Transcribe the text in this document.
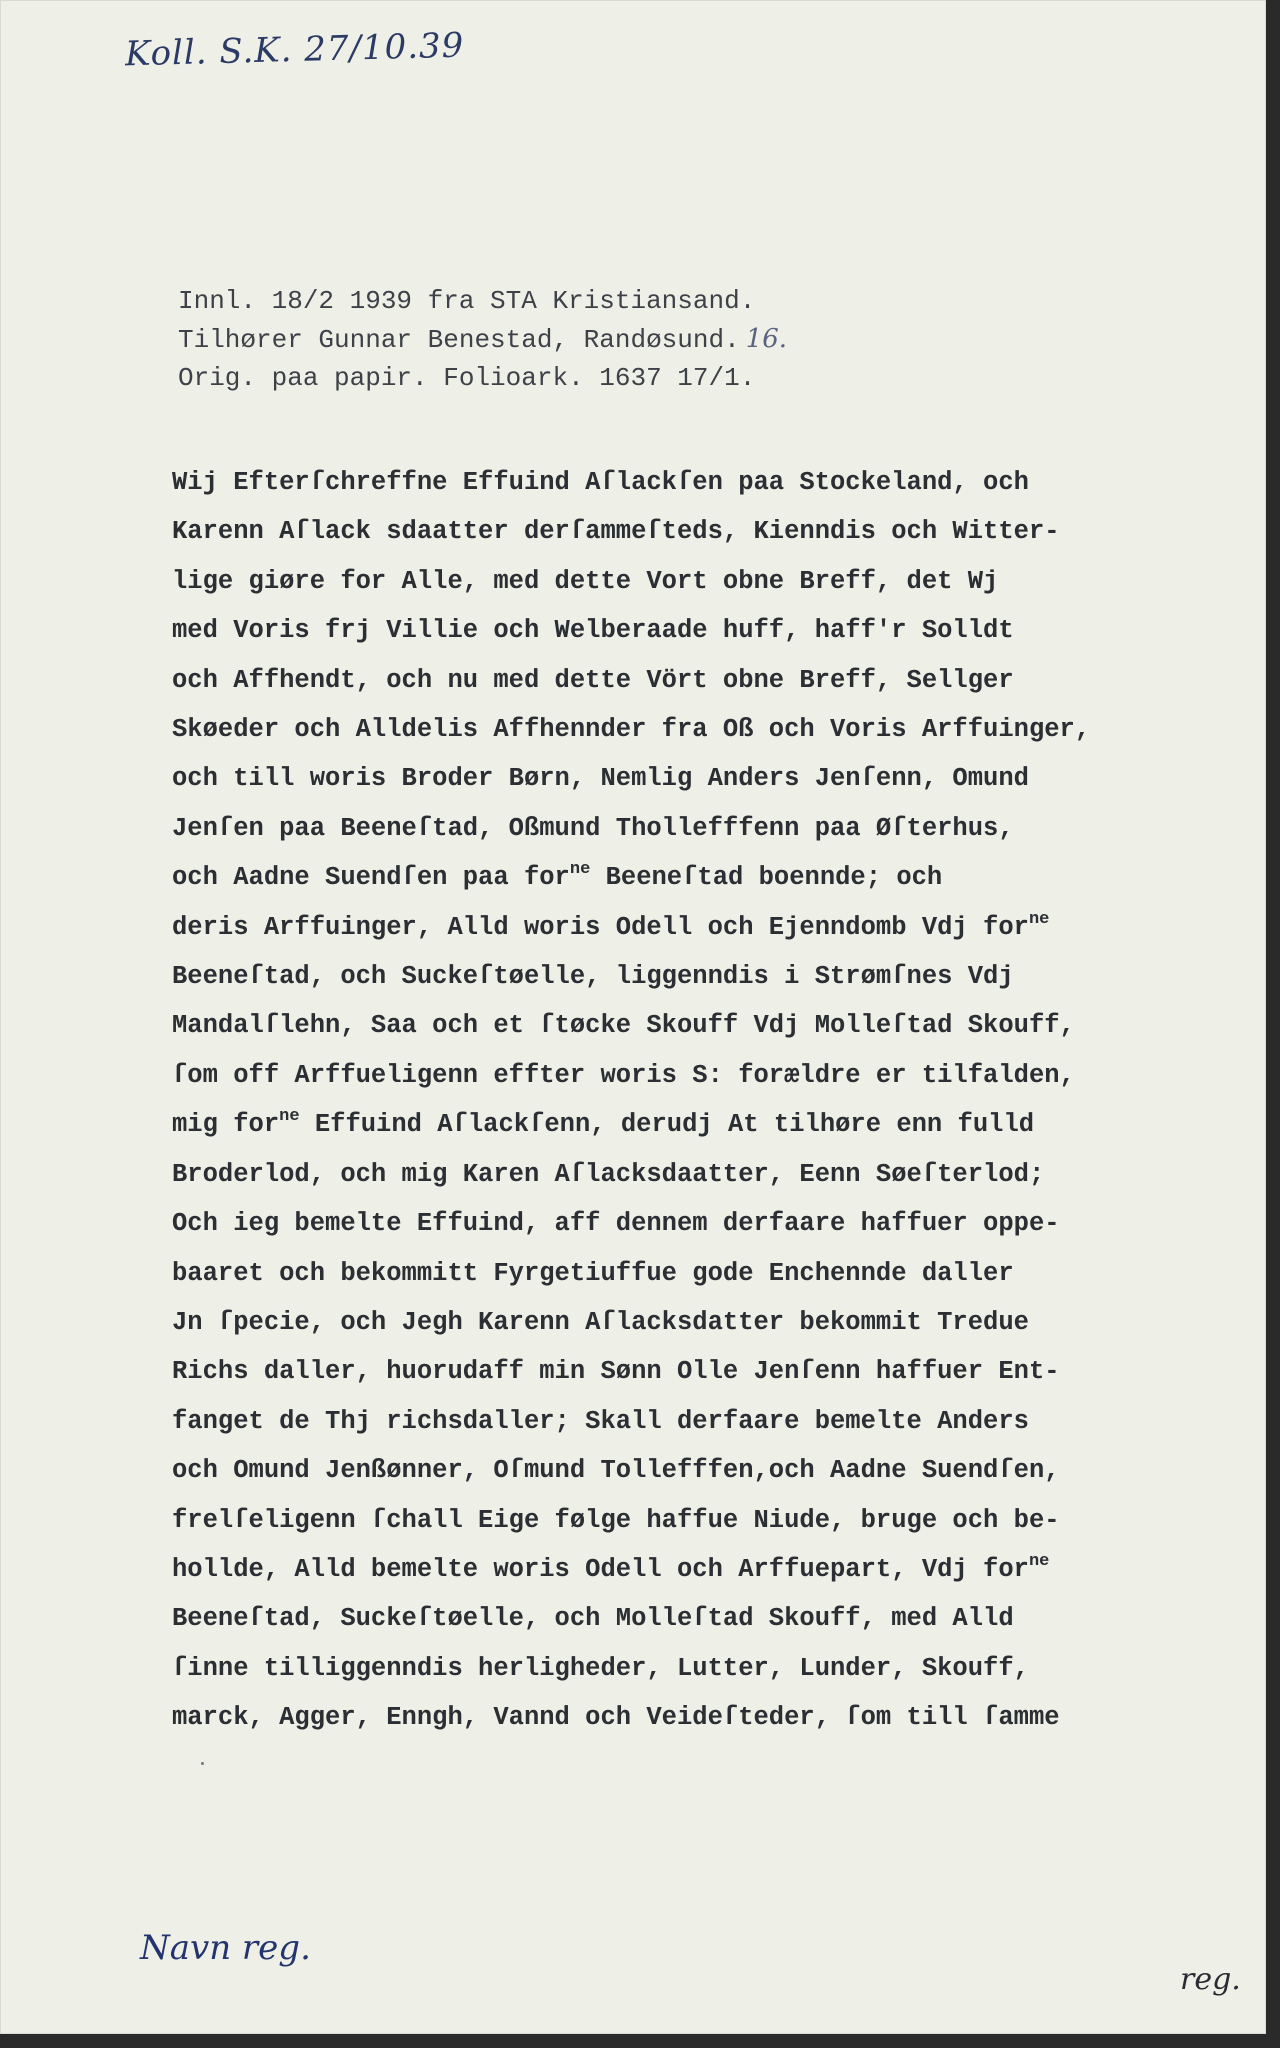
Koll. S.K. 27/10.39
Innl. 18/2 1939 fra STA Kristiansand.
Tilhører Gunnar Benestad, Randøsund. 16.
Orig. paa papir. Folioark. 1637 17/1.
Wij Efterſchreffne Effuind Aſlackſen paa Stockeland, och
Karenn Aſlack sdaatter derſammeſteds, Kienndis och Witter-
lige giøre for Alle, med dette Vort obne Breff, det Wj
med Voris frj Villie och Welberaade huff, haff'r Solldt
och Affhendt, och nu med dette Vört obne Breff, Sellger
Skøeder och Alldelis Affhennder fra Oß och Voris Arffuinger,
och till woris Broder Børn, Nemlig Anders Jenſenn, Omund
Jenſen paa Beeneſtad, Oßmund Thollefffenn paa Øſterhus,
och Aadne Suendſen paa for$^{ne}$ Beeneſtad boennde; och
deris Arffuinger, Alld woris Odell och Ejenndomb Vdj for$^{ne}$
Beeneſtad, och Suckeſtøelle, liggenndis i Strømſnes Vdj
Mandalſlehn, Saa och et ſtøcke Skouff Vdj Molleſtad Skouff,
ſom off Arffueligenn effter woris S: forældre er tilfalden,
mig for$^{ne}$ Effuind Aſlackſenn, derudj At tilhøre enn fulld
Broderlod, och mig Karen Aſlacksdaatter, Eenn Søeſterlod;
Och ieg bemelte Effuind, aff dennem derfaare haffuer oppe-
baaret och bekommitt Fyrgetiuffue gode Enchennde daller
Jn ſpecie, och Jegh Karenn Aſlacksdatter bekommit Tredue
Richs daller, huorudaff min Sønn Olle Jenſenn haffuer Ent-
fanget de Thj richsdaller; Skall derfaare bemelte Anders
och Omund Jenßønner, Oſmund Tollefffen,och Aadne Suendſen,
frelſeligenn ſchall Eige følge haffue Niude, bruge och be-
hollde, Alld bemelte woris Odell och Arffuepart, Vdj for$^{ne}$
Beeneſtad, Suckeſtøelle, och Molleſtad Skouff, med Alld
ſinne tilliggenndis herligheder, Lutter, Lunder, Skouff,
marck, Agger, Enngh, Vannd och Veideſteder, ſom till ſamme
Navn reg.
reg.
